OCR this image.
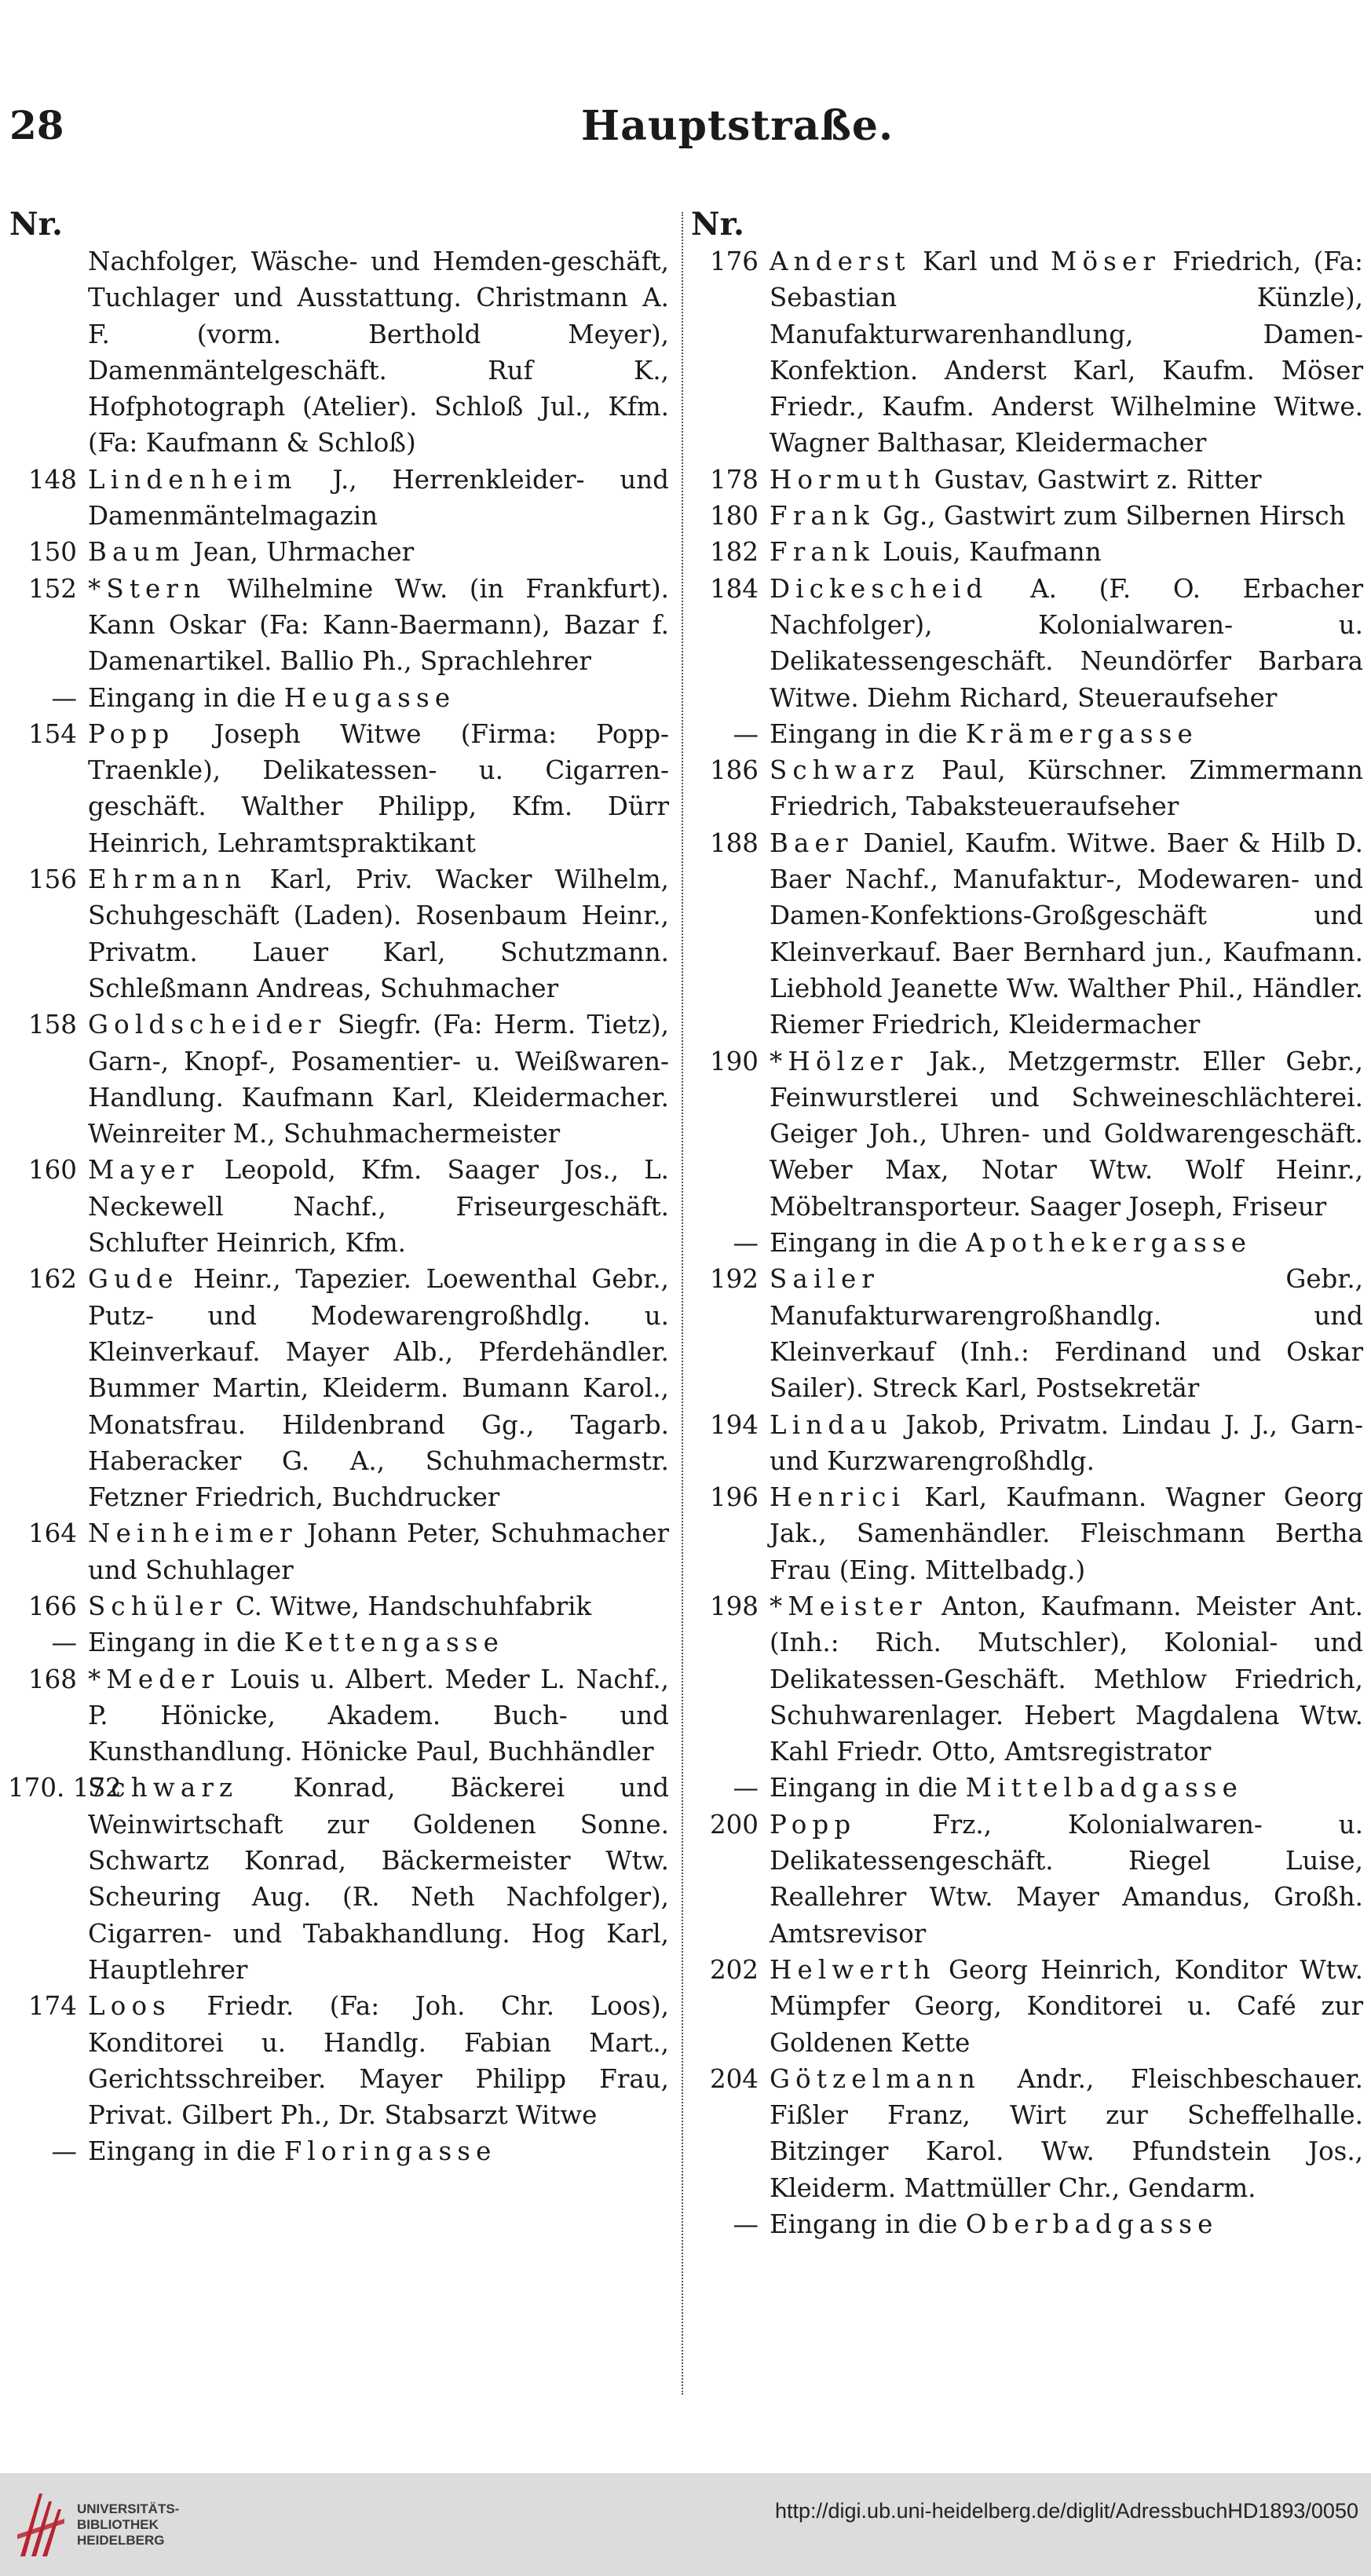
28	Hauptstraße.
Nr.
Nachfolger, Wäsche- und Hemden-geschäft, Tuchlager und Ausstattung. Christmann A. F. (vorm. Berthold Meyer), Damenmäntelgeschäft. Ruf K., Hofphotograph (Atelier). Schloß Jul., Kfm. (Fa: Kaufmann & Schloß)
148 Lindenheim J., Herrenkleider- und Damenmäntelmagazin
150 Baum Jean, Uhrmacher
152 *Stern Wilhelmine Ww. (in Frankfurt). Kann Oskar (Fa: Kann-Baermann), Bazar f. Damenartikel. Ballio Ph., Sprachlehrer
— Eingang in die Heugasse
154 Popp Joseph Witwe (Firma: Popp-Traenkle), Delikatessen- u. Cigarren-geschäft. Walther Philipp, Kfm. Dürr Heinrich, Lehramtspraktikant
156 Ehrmann Karl, Priv. Wacker Wilhelm, Schuhgeschäft (Laden). Rosenbaum Heinr., Privatm. Lauer Karl, Schutzmann. Schleßmann Andreas, Schuhmacher
158 Goldscheider Siegfr. (Fa: Herm. Tietz), Garn-, Knopf-, Posamentier- u. Weißwaren-Handlung. Kaufmann Karl, Kleidermacher. Weinreiter M., Schuhmachermeister
160 Mayer Leopold, Kfm. Saager Jos., L. Neckewell Nachf., Friseurgeschäft. Schlufter Heinrich, Kfm.
162 Gude Heinr., Tapezier. Loewenthal Gebr., Putz- und Modewarengroßhdlg. u. Kleinverkauf. Mayer Alb., Pferdehändler. Bummer Martin, Kleiderm. Bumann Karol., Monatsfrau. Hildenbrand Gg., Tagarb. Haberacker G. A., Schuhmachermstr. Fetzner Friedrich, Buchdrucker
164 Neinheimer Johann Peter, Schuhmacher und Schuhlager
166 Schüler C. Witwe, Handschuhfabrik
— Eingang in die Kettengasse
168 *Meder Louis u. Albert. Meder L. Nachf., P. Hönicke, Akadem. Buch- und Kunsthandlung. Hönicke Paul, Buchhändler
170. 172
Schwarz Konrad, Bäckerei und Weinwirtschaft zur Goldenen Sonne. Schwartz Konrad, Bäckermeister Wtw. Scheuring Aug. (R. Neth Nachfolger), Cigarren- und Tabakhandlung. Hog Karl, Hauptlehrer
174 Loos Friedr. (Fa: Joh. Chr. Loos), Konditorei u. Handlg. Fabian Mart., Gerichtsschreiber. Mayer Philipp Frau, Privat. Gilbert Ph., Dr. Stabsarzt Witwe
— Eingang in die Floringasse
Nr.
176 Anderst Karl und Möser Friedrich, (Fa: Sebastian Künzle), Manufakturwarenhandlung, Damen-Konfektion. Anderst Karl, Kaufm. Möser Friedr., Kaufm. Anderst Wilhelmine Witwe. Wagner Balthasar, Kleidermacher
178 Hormuth Gustav, Gastwirt z. Ritter
180 Frank Gg., Gastwirt zum Silbernen Hirsch
182 Frank Louis, Kaufmann
184 Dickescheid A. (F. O. Erbacher Nachfolger), Kolonialwaren- u. Delikatessengeschäft. Neundörfer Barbara Witwe. Diehm Richard, Steueraufseher
— Eingang in die Krämergasse
186 Schwarz Paul, Kürschner. Zimmermann Friedrich, Tabaksteueraufseher
188 Baer Daniel, Kaufm. Witwe. Baer & Hilb D. Baer Nachf., Manufaktur-, Modewaren- und Damen-Konfektions-Großgeschäft und Kleinverkauf. Baer Bernhard jun., Kaufmann. Liebhold Jeanette Ww. Walther Phil., Händler. Riemer Friedrich, Kleidermacher
190 *Hölzer Jak., Metzgermstr. Eller Gebr., Feinwurstlerei und Schweineschlächterei. Geiger Joh., Uhren- und Goldwarengeschäft. Weber Max, Notar Wtw. Wolf Heinr., Möbeltransporteur. Saager Joseph, Friseur
— Eingang in die Apothekergasse
192 Sailer Gebr., Manufakturwarengroßhandlg. und Kleinverkauf (Inh.: Ferdinand und Oskar Sailer). Streck Karl, Postsekretär
194 Lindau Jakob, Privatm. Lindau J. J., Garn- und Kurzwarengroßhdlg.
196 Henrici Karl, Kaufmann. Wagner Georg Jak., Samenhändler. Fleischmann Bertha Frau (Eing. Mittelbadg.)
198 *Meister Anton, Kaufmann. Meister Ant. (Inh.: Rich. Mutschler), Kolonial- und Delikatessen-Geschäft. Methlow Friedrich, Schuhwarenlager. Hebert Magdalena Wtw. Kahl Friedr. Otto, Amtsregistrator
— Eingang in die Mittelbadgasse
200 Popp Frz., Kolonialwaren- u. Delikatessengeschäft. Riegel Luise, Reallehrer Wtw. Mayer Amandus, Großh. Amtsrevisor
202 Helwerth Georg Heinrich, Konditor Wtw. Mümpfer Georg, Konditorei u. Café zur Goldenen Kette
204 Götzelmann Andr., Fleischbeschauer. Fißler Franz, Wirt zur Scheffelhalle. Bitzinger Karol. Ww. Pfundstein Jos., Kleiderm. Mattmüller Chr., Gendarm.
— Eingang in die Oberbadgasse
UNIVERSITÄTS-
BIBLIOTHEK
HEIDELBERG
http://digi.ub.uni-heidelberg.de/diglit/AdressbuchHD1893/0050
